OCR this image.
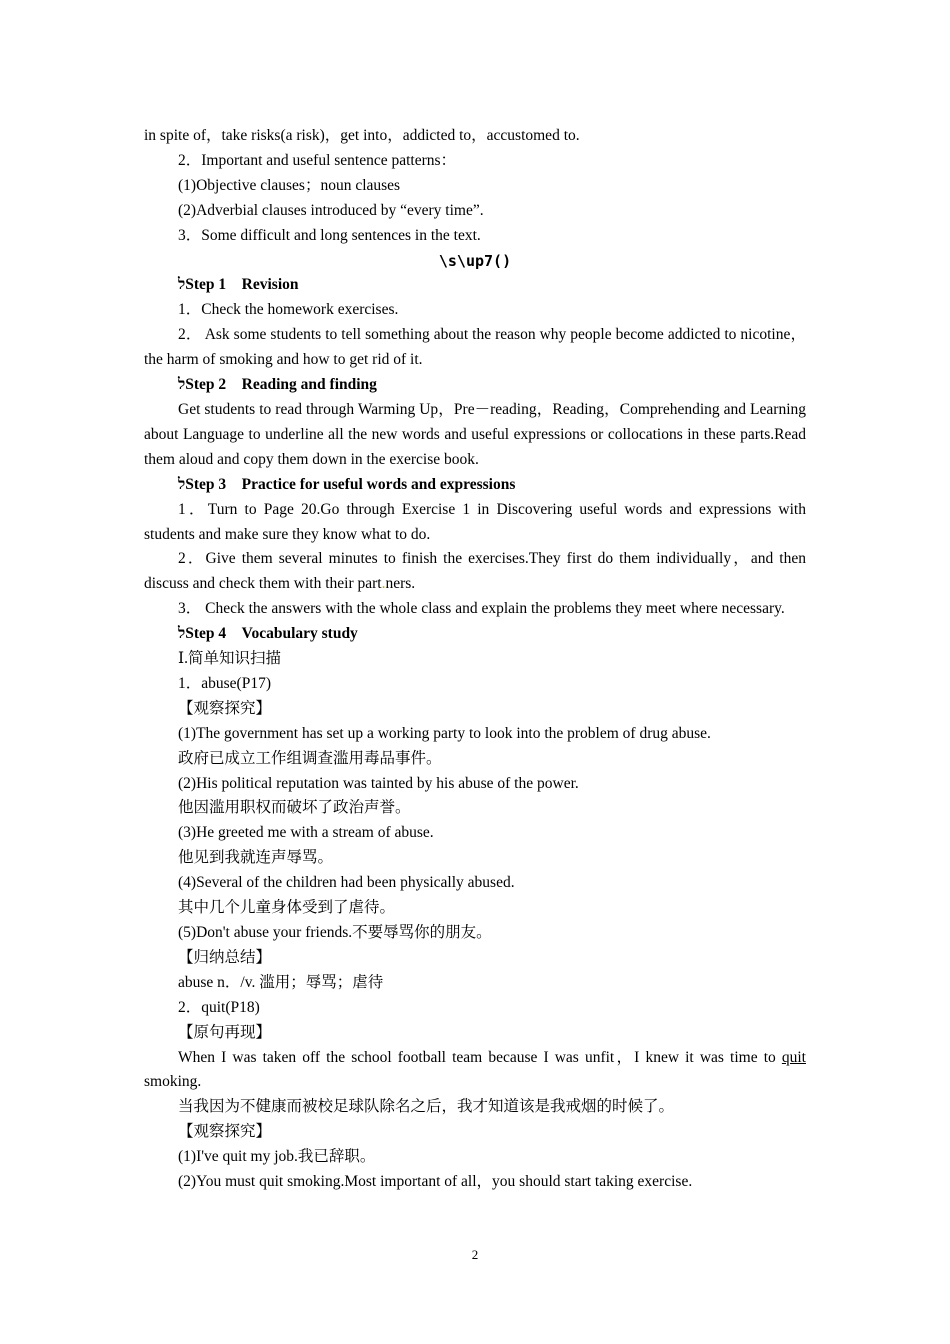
in spite of，take risks(a risk)，get into，addicted to，accustomed to.

2．Important and useful sentence patterns：

(1)Objective clauses；noun clauses

(2)Adverbial clauses introduced by “every time”.

3．Some difficult and long sentences in the text.

\s\up7()

לStep 1　Revision

1．Check the homework exercises.

2． Ask some students to tell something about the reason why people become addicted to nicotine，the harm of smoking and how to get rid of it.

לStep 2　Reading and finding

Get students to read through Warming Up，Pre－reading，Reading，Comprehending and Learning about Language to underline all the new words and useful expressions or collocations in these parts.Read them aloud and copy them down in the exercise book.

לStep 3　Practice for useful words and expressions

1．Turn to Page 20.Go through Exercise 1 in Discovering useful words and expressions with students and make sure they know what to do.

2．Give them several minutes to finish the exercises.They first do them individually，and then discuss and check them with their part.ners.

3． Check the answers with the whole class and explain the problems they meet where necessary.

לStep 4　Vocabulary study

Ⅰ.简单知识扫描

1．abuse(P17)

【观察探究】

(1)The government has set up a working party to look into the problem of drug abuse.

政府已成立工作组调查滥用毒品事件。

(2)His political reputation was tainted by his abuse of the power.

他因滥用职权而破坏了政治声誉。

(3)He greeted me with a stream of abuse.

他见到我就连声辱骂。

(4)Several of the children had been physically abused.

其中几个儿童身体受到了虐待。

(5)Don't abuse your friends.不要辱骂你的朋友。

【归纳总结】

abuse n．/v. 滥用；辱骂；虐待

2．quit(P18)

【原句再现】

When I was taken off the school football team because I was unfit，I knew it was time to quit smoking.

当我因为不健康而被校足球队除名之后，我才知道该是我戒烟的时候了。

【观察探究】

(1)I've quit my job.我已辞职。

(2)You must quit smoking.Most important of all，you should start taking exercise.

2
